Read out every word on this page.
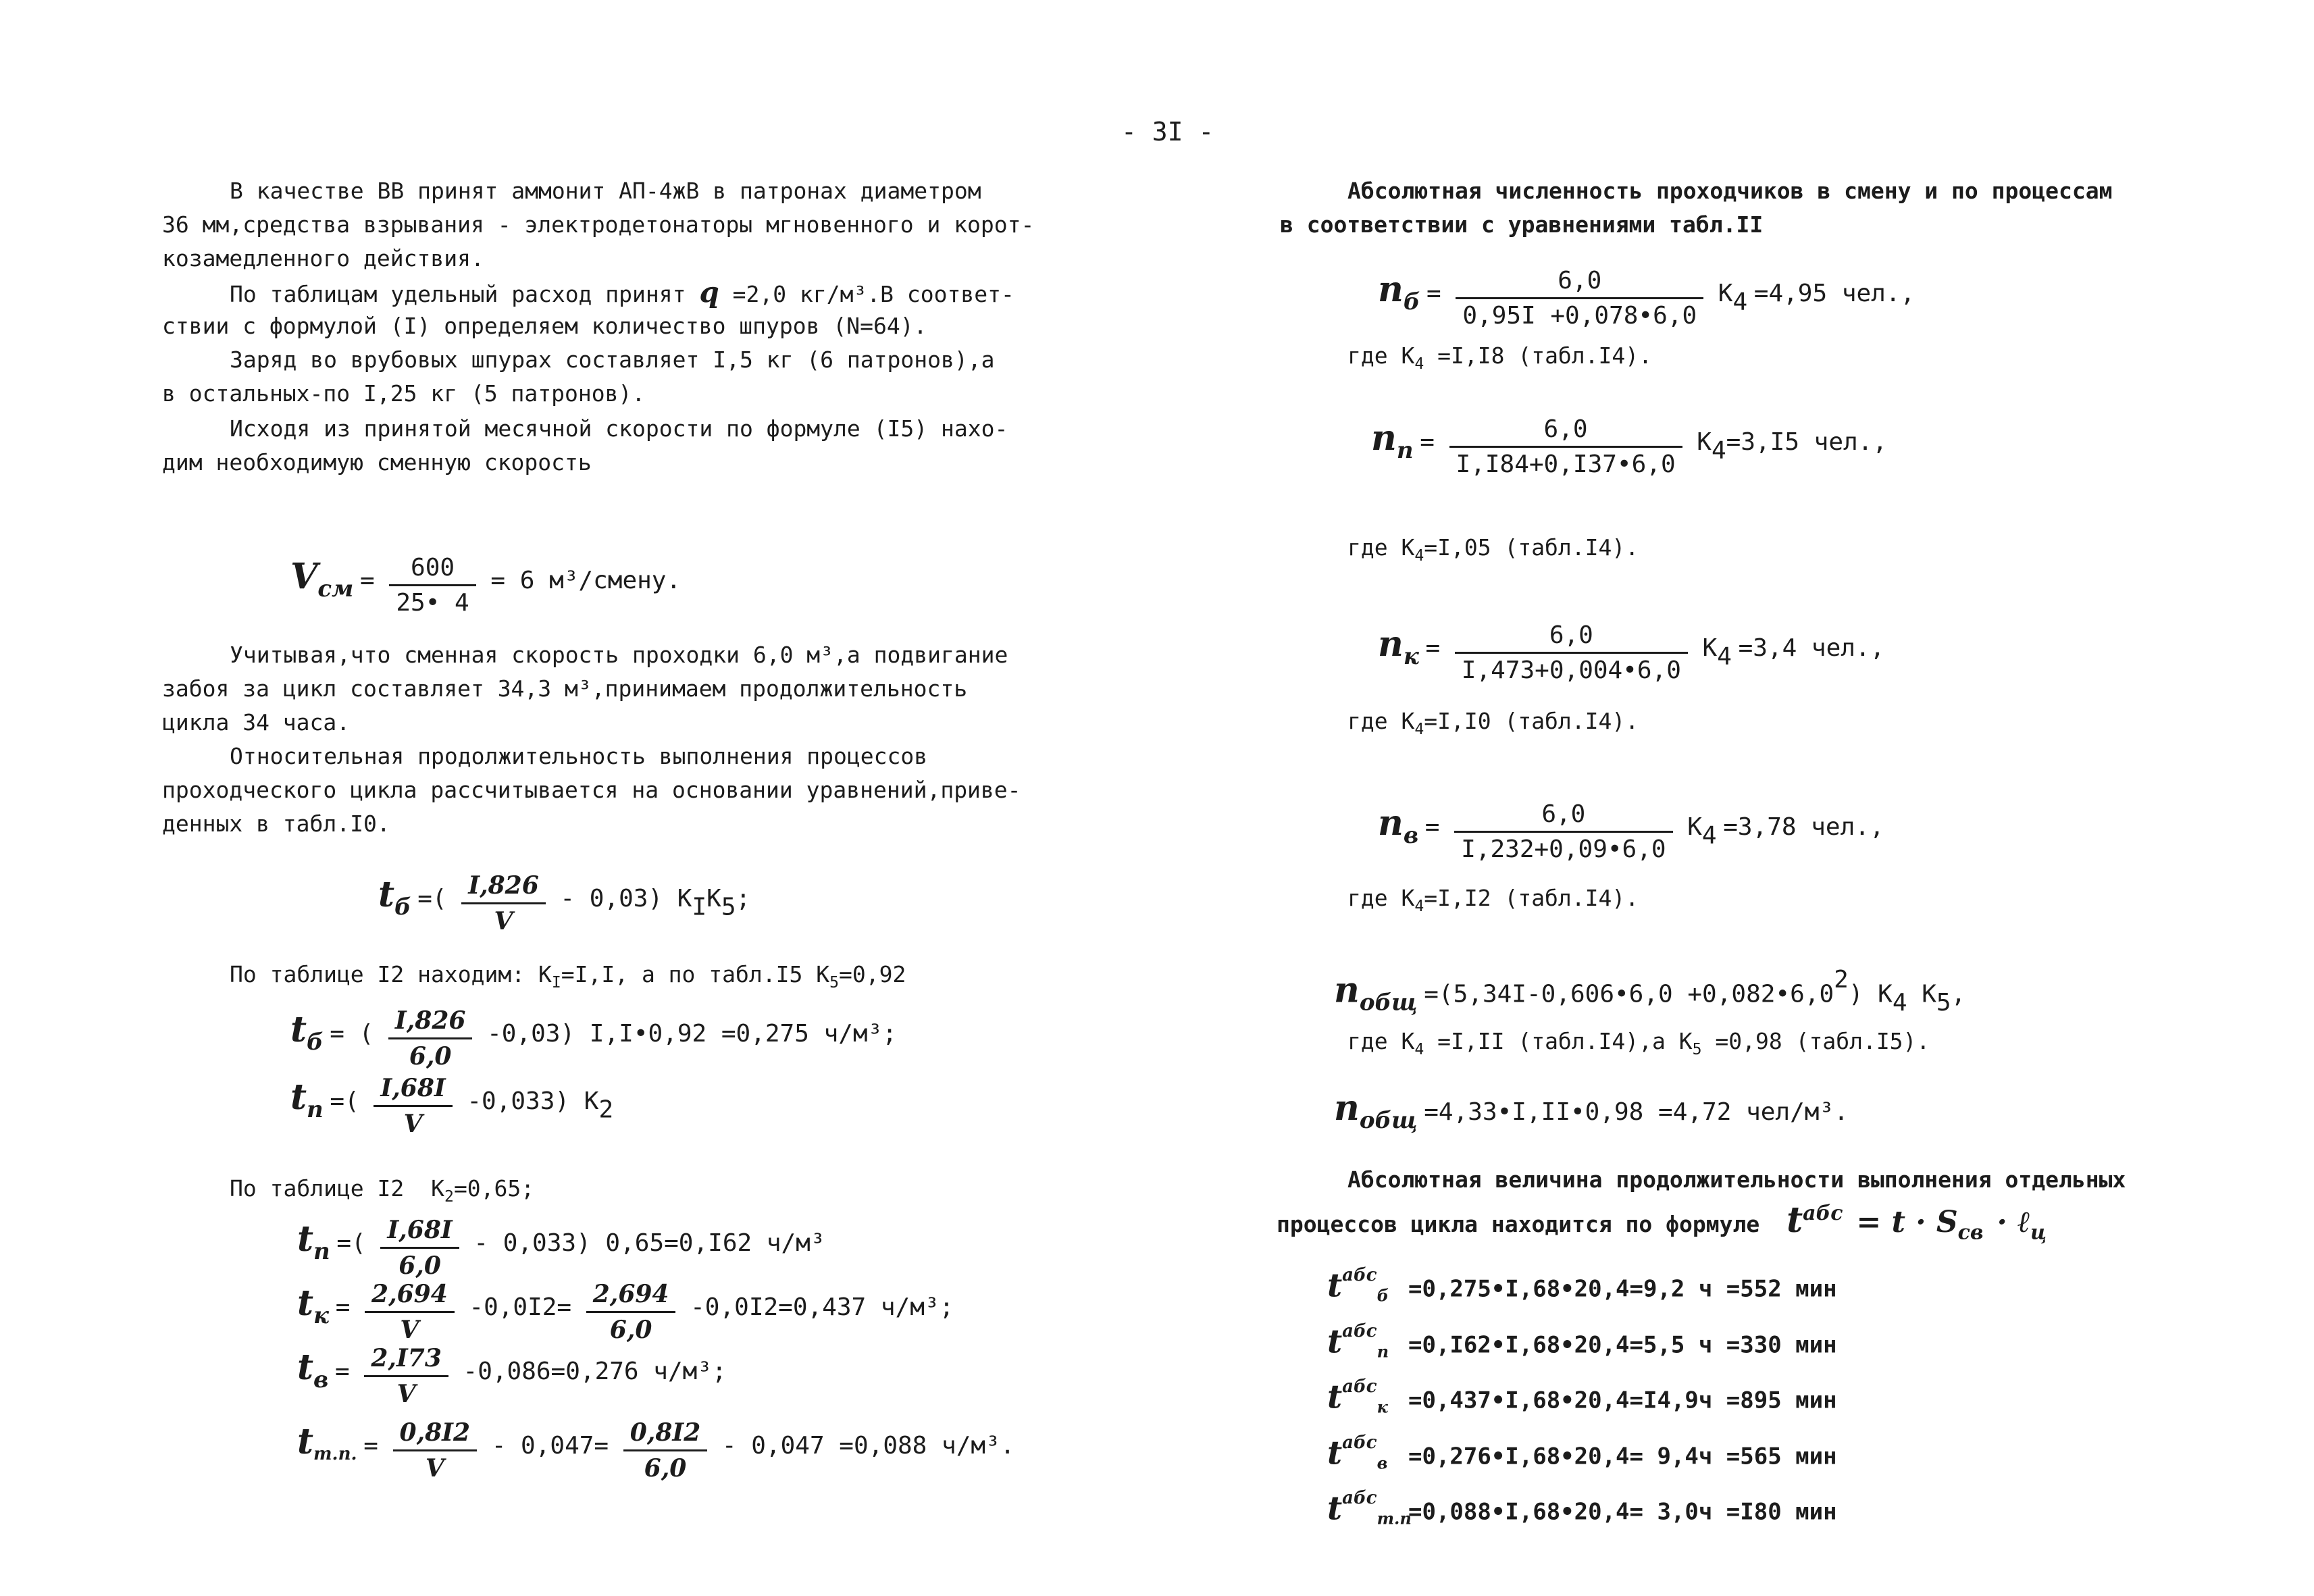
- 3I -
В качестве ВВ принят аммонит АП-4жВ в патронах диаметром
36 мм,средства взрывания - электродетонаторы мгновенного и корот-
козамедленного действия.
По таблицам удельный расход принят q =2,0 кг/м³.В соответ-
ствии с формулой (I) определяем количество шпуров (N=64).
Заряд во врубовых шпурах составляет I,5 кг (6 патронов),а
в остальных-по I,25 кг (5 патронов).
Исходя из принятой месячной скорости по формуле (I5) нахо-
дим необходимую сменную скорость
$V_{см} = \frac{600}{25• 4} = 6$ м³/смену.
Учитывая,что сменная скорость проходки 6,0 м³,а подвигание
забоя за цикл составляет 34,3 м³,принимаем продолжительность
цикла 34 часа.
Относительная продолжительность выполнения процессов
проходческого цикла рассчитывается на основании уравнений,приве-
денных в табл.I0.
$t_б$ =( $\frac{I,826}{V} - 0,03$) $K_IK_5$;
По таблице I2 находим: $K_I=I,I$, а по табл.I5 $K_5=0,92$
$t_б$ = ( $\frac{I,826}{6,0} -0,03$) I,I•0,92 =0,275 ч/м³;
$t_п$ =( $\frac{I,68I}{V} -0,033$) $K_2$
По таблице I2 $K_2=0,65$;
$t_п$ =( $\frac{I,68I}{6,0} - 0,033$) 0,65=0,I62 ч/м³
$t_к = \frac{2,694}{V} -0,0I2= \frac{2,694}{6,0} -0,0I2=0,437$ ч/м³;
$t_в = \frac{2,I73}{V} -0,086=0,276$ ч/м³;
$t_{т.п.} = \frac{0,8I2}{V} - 0,047= \frac{0,8I2}{6,0} - 0,047 =0,088$ ч/м³.
Абсолютная численность проходчиков в смену и по процессам
в соответствии с уравнениями табл.II
$n_б = \frac{6,0}{0,95I +0,078•6,0} K_4 =4,95$ чел.,
где $K_4 =I,I8$ (табл.I4).
$n_п = \frac{6,0}{I,I84+0,I37•6,0} K_4=3,I5$ чел.,
где $K_4=I,05$ (табл.I4).
$n_к = \frac{6,0}{I,473+0,004•6,0} K_4 =3,4$ чел.,
где $K_4=I,I0$ (табл.I4).
$n_в = \frac{6,0}{I,232+0,09•6,0} K_4 =3,78$ чел.,
где $K_4=I,I2$ (табл.I4).
$n_{общ}$ =(5,34I-0,606•6,0 $+0,082•6,0^2$) $K_4$ $K_5$,
где $K_4 =I,II$ (табл.I4),а $K_5 =0,98$ (табл.I5).
$n_{общ}$ =4,33•I,II•0,98 =4,72 чел/м³.
Абсолютная величина продолжительности выполнения отдельных
процессов цикла находится по формуле $t^{абс} = t \cdot S_{св}$ · ℓ$_ц$
$t^{абс}_б$ =0,275•I,68•20,4=9,2 ч =552 мин
$t^{абс}_п$ =0,I62•I,68•20,4=5,5 ч =330 мин
$t^{абс}_к$ =0,437•I,68•20,4=I4,9ч =895 мин
$t^{абс}_в$ =0,276•I,68•20,4= 9,4ч =565 мин
$t^{абс}_{т.п}=0,088•I,68•20,4= 3,0ч =I80$ мин
